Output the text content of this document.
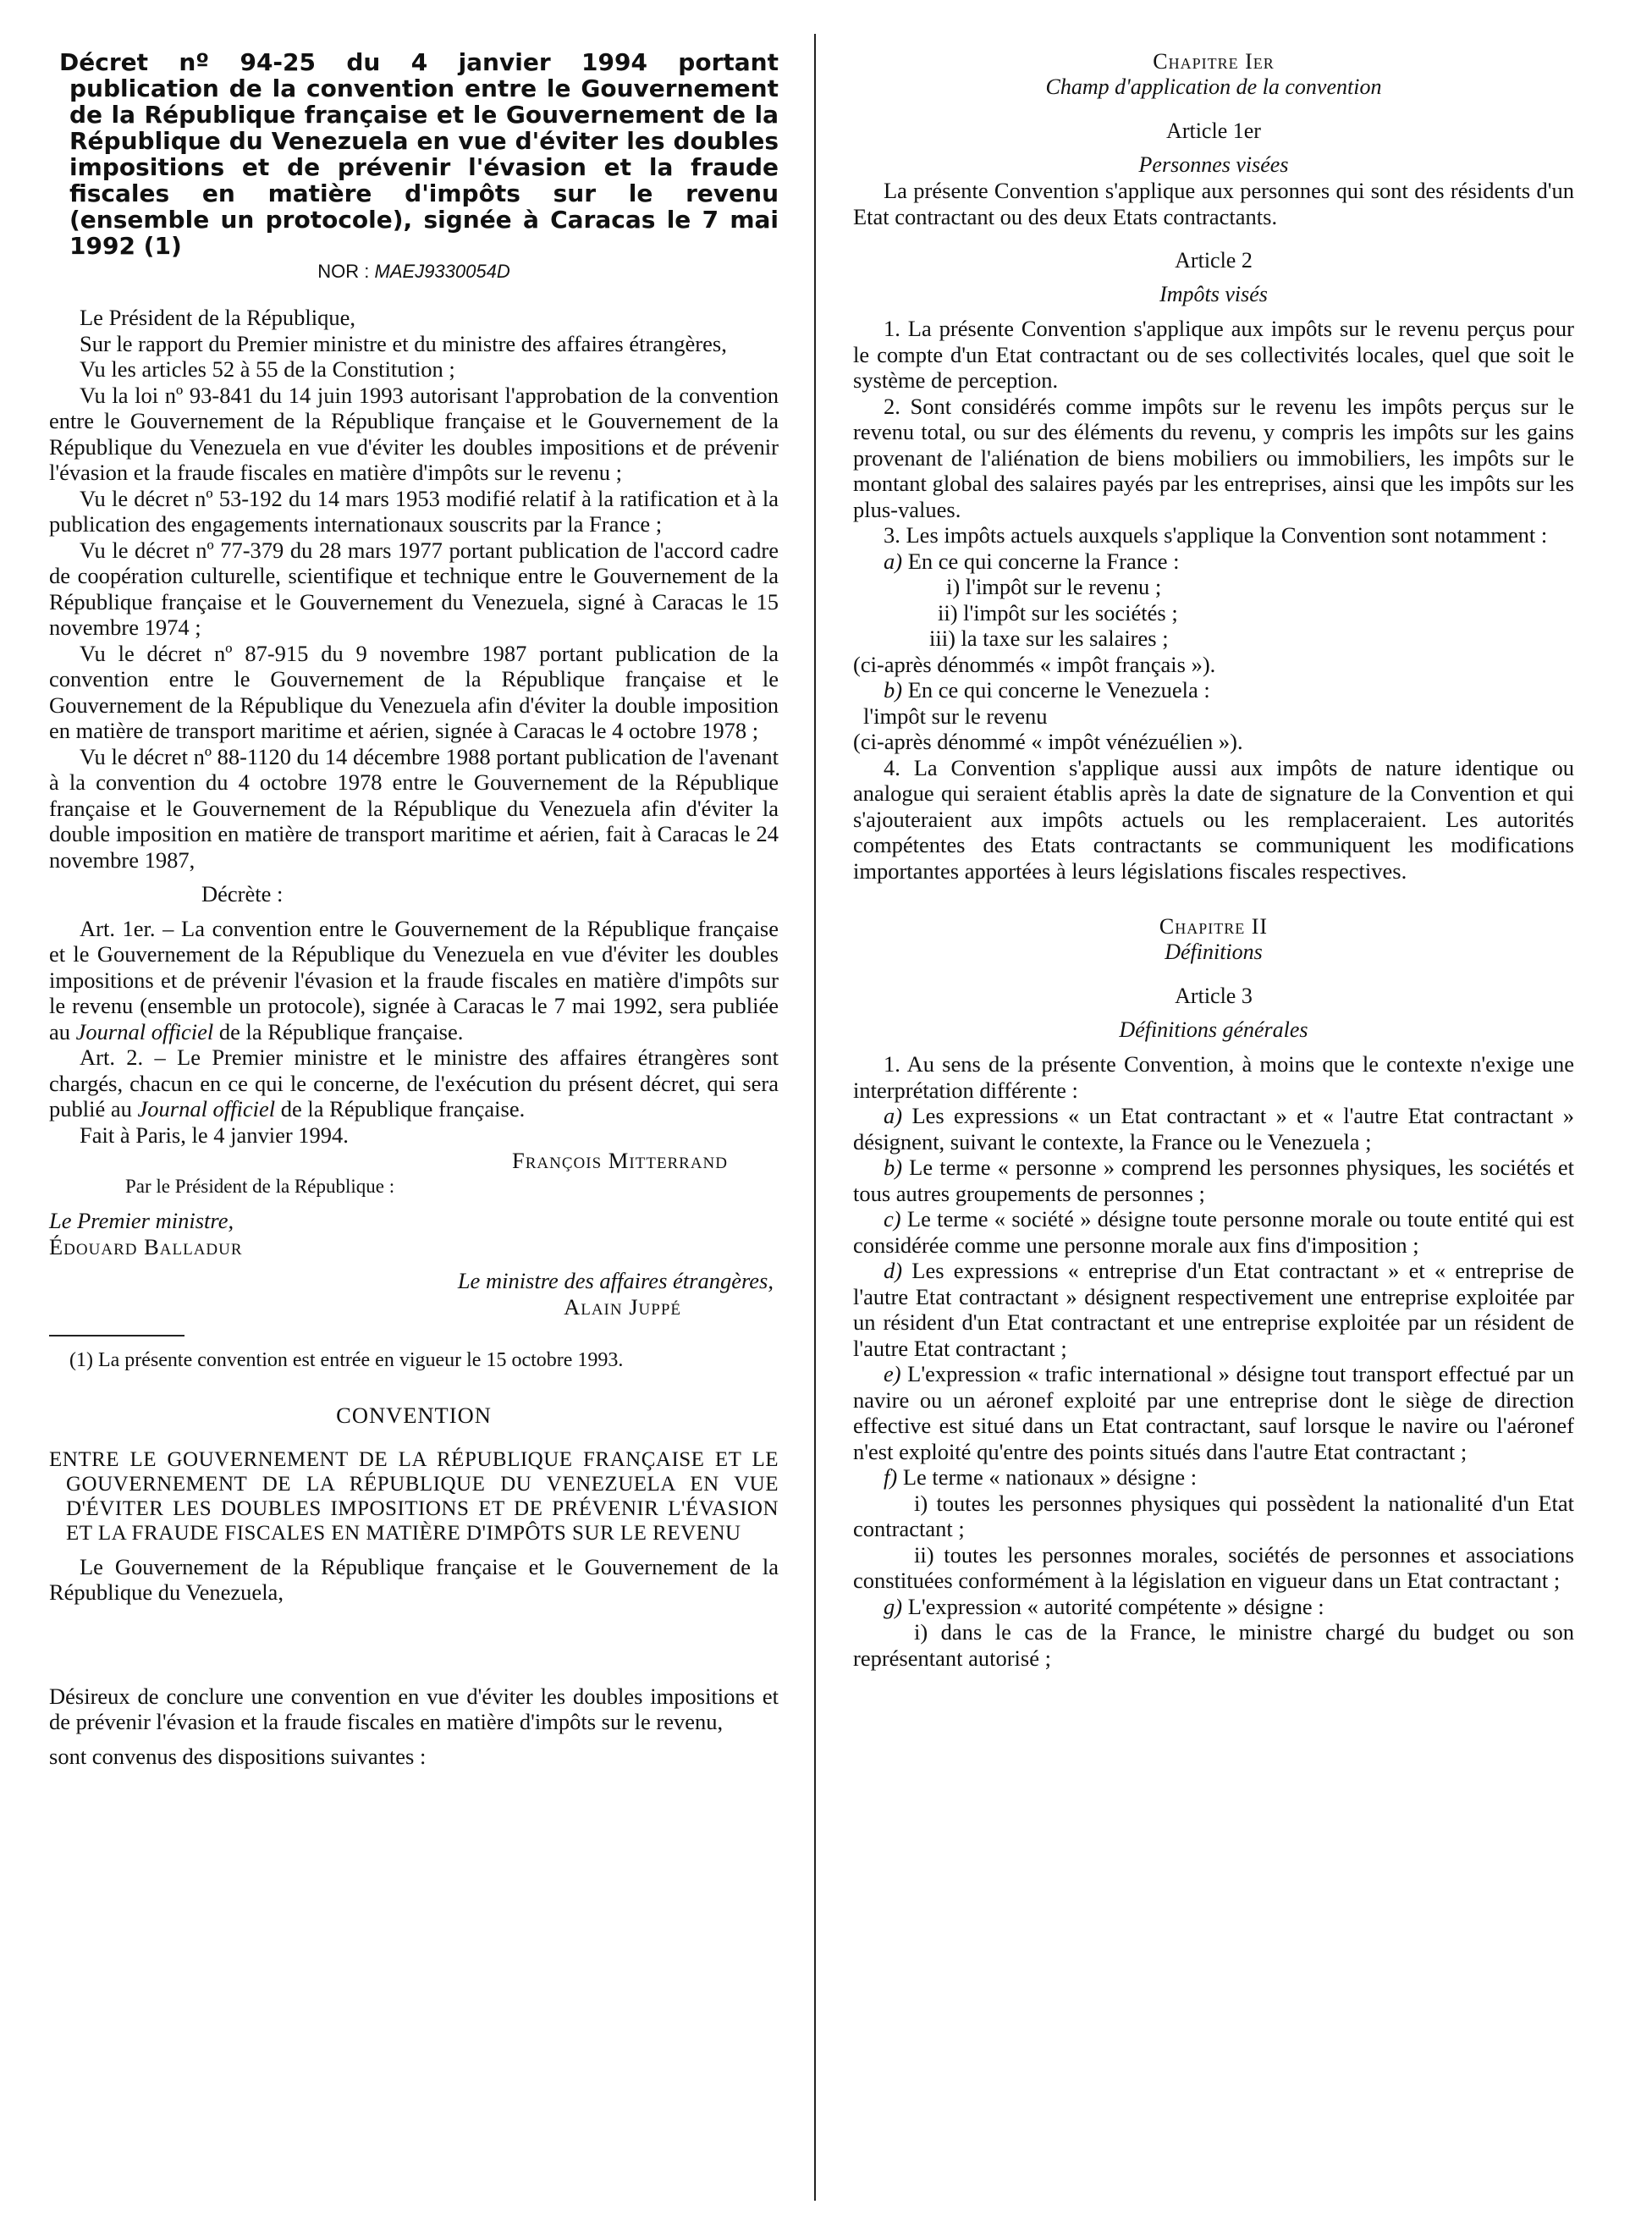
Décret nº 94-25 du 4 janvier 1994 portant publication de la convention entre le Gouvernement de la République française et le Gouvernement de la République du Venezuela en vue d'éviter les doubles impositions et de prévenir l'évasion et la fraude fiscales en matière d'impôts sur le revenu (ensemble un protocole), signée à Caracas le 7 mai 1992 (1)

NOR : MAEJ9330054D

Le Président de la République,

Sur le rapport du Premier ministre et du ministre des affaires étrangères,

Vu les articles 52 à 55 de la Constitution ;

Vu la loi nº 93-841 du 14 juin 1993 autorisant l'approbation de la convention entre le Gouvernement de la République française et le Gouvernement de la République du Venezuela en vue d'éviter les doubles impositions et de prévenir l'évasion et la fraude fiscales en matière d'impôts sur le revenu ;

Vu le décret nº 53-192 du 14 mars 1953 modifié relatif à la ratification et à la publication des engagements internationaux souscrits par la France ;

Vu le décret nº 77-379 du 28 mars 1977 portant publication de l'accord cadre de coopération culturelle, scientifique et technique entre le Gouvernement de la République française et le Gouvernement du Venezuela, signé à Caracas le 15 novembre 1974 ;

Vu le décret nº 87-915 du 9 novembre 1987 portant publication de la convention entre le Gouvernement de la République française et le Gouvernement de la République du Venezuela afin d'éviter la double imposition en matière de transport maritime et aérien, signée à Caracas le 4 octobre 1978 ;

Vu le décret nº 88-1120 du 14 décembre 1988 portant publication de l'avenant à la convention du 4 octobre 1978 entre le Gouvernement de la République française et le Gouvernement de la République du Venezuela afin d'éviter la double imposition en matière de transport maritime et aérien, fait à Caracas le 24 novembre 1987,

Décrète :

Art. 1er. – La convention entre le Gouvernement de la République française et le Gouvernement de la République du Venezuela en vue d'éviter les doubles impositions et de prévenir l'évasion et la fraude fiscales en matière d'impôts sur le revenu (ensemble un protocole), signée à Caracas le 7 mai 1992, sera publiée au Journal officiel de la République française.

Art. 2. – Le Premier ministre et le ministre des affaires étrangères sont chargés, chacun en ce qui le concerne, de l'exécution du présent décret, qui sera publié au Journal officiel de la République française.

Fait à Paris, le 4 janvier 1994.

François Mitterrand

Par le Président de la République :

Le Premier ministre,

Édouard Balladur

Le ministre des affaires étrangères,

Alain Juppé

(1) La présente convention est entrée en vigueur le 15 octobre 1993.

CONVENTION

ENTRE LE GOUVERNEMENT DE LA RÉPUBLIQUE FRANÇAISE ET LE GOUVERNEMENT DE LA RÉPUBLIQUE DU VENEZUELA EN VUE D'ÉVITER LES DOUBLES IMPOSITIONS ET DE PRÉVENIR L'ÉVASION ET LA FRAUDE FISCALES EN MATIÈRE D'IMPÔTS SUR LE REVENU

Le Gouvernement de la République française et le Gouvernement de la République du Venezuela,

Désireux de conclure une convention en vue d'éviter les doubles impositions et de prévenir l'évasion et la fraude fiscales en matière d'impôts sur le revenu,

sont convenus des dispositions suivantes :

Chapitre Ier

Champ d'application de la convention

Article 1er

Personnes visées

La présente Convention s'applique aux personnes qui sont des résidents d'un Etat contractant ou des deux Etats contractants.

Article 2

Impôts visés

1. La présente Convention s'applique aux impôts sur le revenu perçus pour le compte d'un Etat contractant ou de ses collectivités locales, quel que soit le système de perception.

2. Sont considérés comme impôts sur le revenu les impôts perçus sur le revenu total, ou sur des éléments du revenu, y compris les impôts sur les gains provenant de l'aliénation de biens mobiliers ou immobiliers, les impôts sur le montant global des salaires payés par les entreprises, ainsi que les impôts sur les plus-values.

3. Les impôts actuels auxquels s'applique la Convention sont notamment :

a) En ce qui concerne la France :

i) l'impôt sur le revenu ;

ii) l'impôt sur les sociétés ;

iii) la taxe sur les salaires ;

(ci-après dénommés « impôt français »).

b) En ce qui concerne le Venezuela :

l'impôt sur le revenu

(ci-après dénommé « impôt vénézuélien »).

4. La Convention s'applique aussi aux impôts de nature identique ou analogue qui seraient établis après la date de signature de la Convention et qui s'ajouteraient aux impôts actuels ou les remplaceraient. Les autorités compétentes des Etats contractants se communiquent les modifications importantes apportées à leurs législations fiscales respectives.

Chapitre II

Définitions

Article 3

Définitions générales

1. Au sens de la présente Convention, à moins que le contexte n'exige une interprétation différente :

a) Les expressions « un Etat contractant » et « l'autre Etat contractant » désignent, suivant le contexte, la France ou le Venezuela ;

b) Le terme « personne » comprend les personnes physiques, les sociétés et tous autres groupements de personnes ;

c) Le terme « société » désigne toute personne morale ou toute entité qui est considérée comme une personne morale aux fins d'imposition ;

d) Les expressions « entreprise d'un Etat contractant » et « entreprise de l'autre Etat contractant » désignent respectivement une entreprise exploitée par un résident d'un Etat contractant et une entreprise exploitée par un résident de l'autre Etat contractant ;

e) L'expression « trafic international » désigne tout transport effectué par un navire ou un aéronef exploité par une entreprise dont le siège de direction effective est situé dans un Etat contractant, sauf lorsque le navire ou l'aéronef n'est exploité qu'entre des points situés dans l'autre Etat contractant ;

f) Le terme « nationaux » désigne :

i) toutes les personnes physiques qui possèdent la nationalité d'un Etat contractant ;

ii) toutes les personnes morales, sociétés de personnes et associations constituées conformément à la législation en vigueur dans un Etat contractant ;

g) L'expression « autorité compétente » désigne :

i) dans le cas de la France, le ministre chargé du budget ou son représentant autorisé ;
